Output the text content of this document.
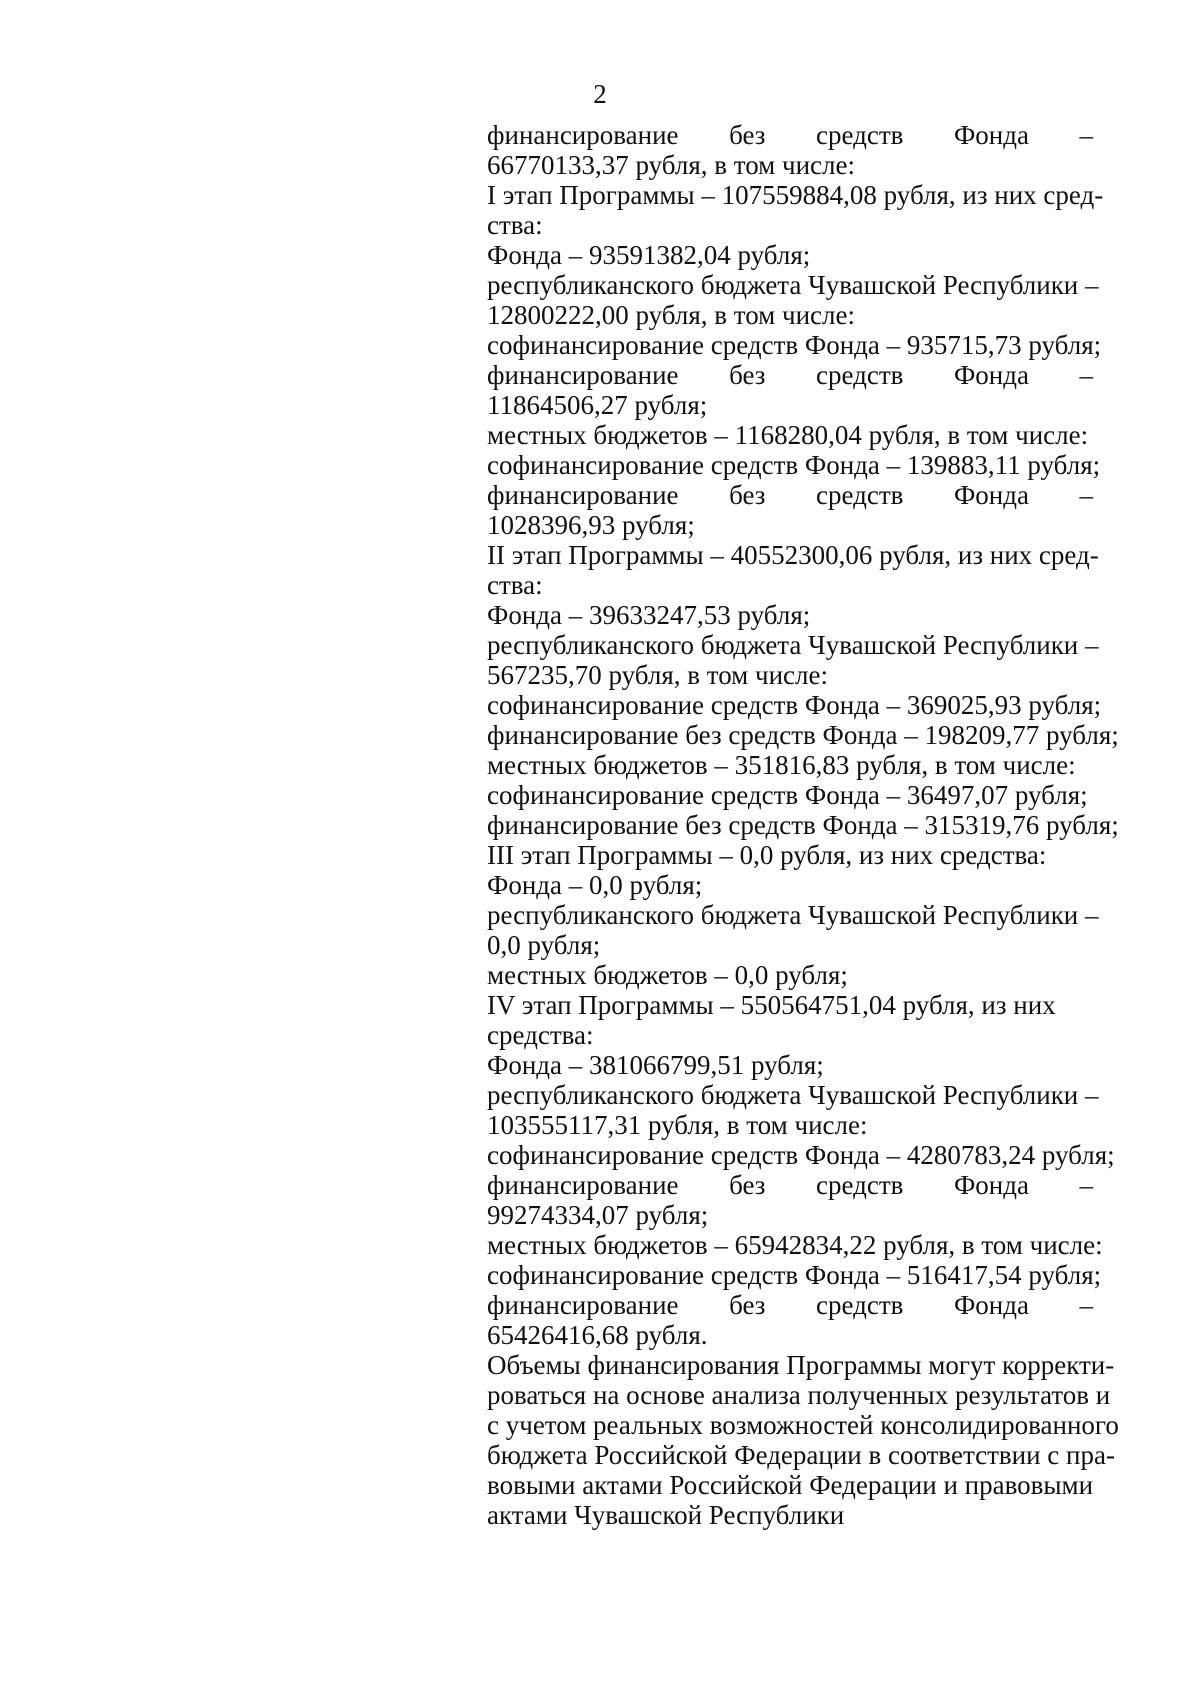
2
финансирование без средств Фонда –
66770133,37 рубля, в том числе:
I этап Программы – 107559884,08 рубля, из них сред-
ства:
Фонда – 93591382,04 рубля;
республиканского бюджета Чувашской Республики –
12800222,00 рубля, в том числе:
софинансирование средств Фонда – 935715,73 рубля;
финансирование без средств Фонда –
11864506,27 рубля;
местных бюджетов – 1168280,04 рубля, в том числе:
софинансирование средств Фонда – 139883,11 рубля;
финансирование без средств Фонда –
1028396,93 рубля;
II этап Программы – 40552300,06 рубля, из них сред-
ства:
Фонда – 39633247,53 рубля;
республиканского бюджета Чувашской Республики –
567235,70 рубля, в том числе:
софинансирование средств Фонда – 369025,93 рубля;
финансирование без средств Фонда – 198209,77 рубля;
местных бюджетов – 351816,83 рубля, в том числе:
софинансирование средств Фонда – 36497,07 рубля;
финансирование без средств Фонда – 315319,76 рубля;
III этап Программы – 0,0 рубля, из них средства:
Фонда – 0,0 рубля;
республиканского бюджета Чувашской Республики –
0,0 рубля;
местных бюджетов – 0,0 рубля;
IV этап Программы – 550564751,04 рубля, из них
средства:
Фонда – 381066799,51 рубля;
республиканского бюджета Чувашской Республики –
103555117,31 рубля, в том числе:
софинансирование средств Фонда – 4280783,24 рубля;
финансирование без средств Фонда –
99274334,07 рубля;
местных бюджетов – 65942834,22 рубля, в том числе:
софинансирование средств Фонда – 516417,54 рубля;
финансирование без средств Фонда –
65426416,68 рубля.
Объемы финансирования Программы могут корректи-
роваться на основе анализа полученных результатов и
с учетом реальных возможностей консолидированного
бюджета Российской Федерации в соответствии с пра-
вовыми актами Российской Федерации и правовыми
актами Чувашской Республики
